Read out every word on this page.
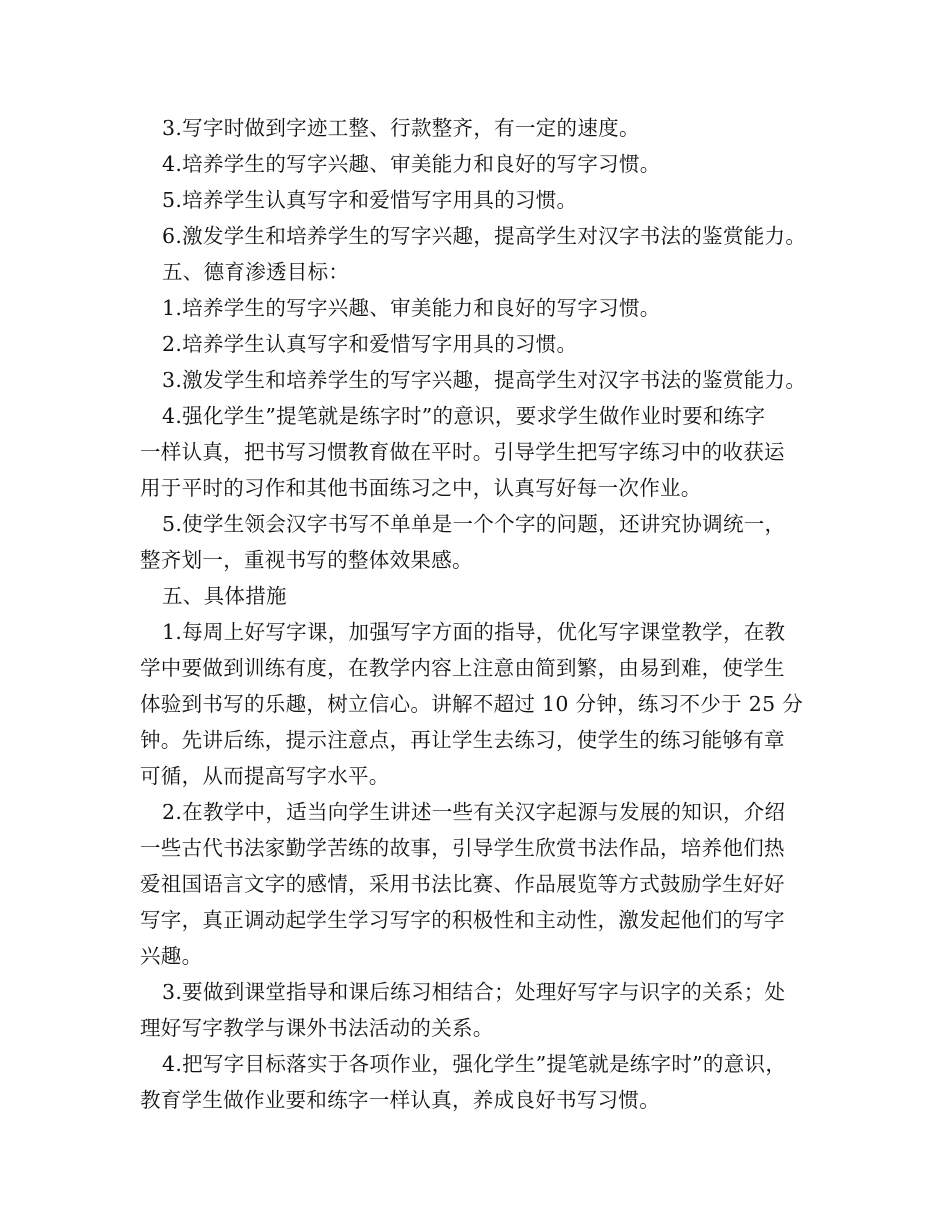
3.写字时做到字迹工整、行款整齐，有一定的速度。
4.培养学生的写字兴趣、审美能力和良好的写字习惯。
5.培养学生认真写字和爱惜写字用具的习惯。
6.激发学生和培养学生的写字兴趣，提高学生对汉字书法的鉴赏能力。
五、德育渗透目标：
1.培养学生的写字兴趣、审美能力和良好的写字习惯。
2.培养学生认真写字和爱惜写字用具的习惯。
3.激发学生和培养学生的写字兴趣，提高学生对汉字书法的鉴赏能力。
4.强化学生”提笔就是练字时”的意识，要求学生做作业时要和练字
一样认真，把书写习惯教育做在平时。引导学生把写字练习中的收获运
用于平时的习作和其他书面练习之中，认真写好每一次作业。
5.使学生领会汉字书写不单单是一个个字的问题，还讲究协调统一，
整齐划一，重视书写的整体效果感。
五、具体措施
1.每周上好写字课，加强写字方面的指导，优化写字课堂教学，在教
学中要做到训练有度，在教学内容上注意由简到繁，由易到难，使学生
体验到书写的乐趣，树立信心。讲解不超过 10 分钟，练习不少于 25 分
钟。先讲后练，提示注意点，再让学生去练习，使学生的练习能够有章
可循，从而提高写字水平。
2.在教学中，适当向学生讲述一些有关汉字起源与发展的知识，介绍
一些古代书法家勤学苦练的故事，引导学生欣赏书法作品，培养他们热
爱祖国语言文字的感情，采用书法比赛、作品展览等方式鼓励学生好好
写字，真正调动起学生学习写字的积极性和主动性，激发起他们的写字
兴趣。
3.要做到课堂指导和课后练习相结合；处理好写字与识字的关系；处
理好写字教学与课外书法活动的关系。
4.把写字目标落实于各项作业，强化学生”提笔就是练字时”的意识，
教育学生做作业要和练字一样认真，养成良好书写习惯。
